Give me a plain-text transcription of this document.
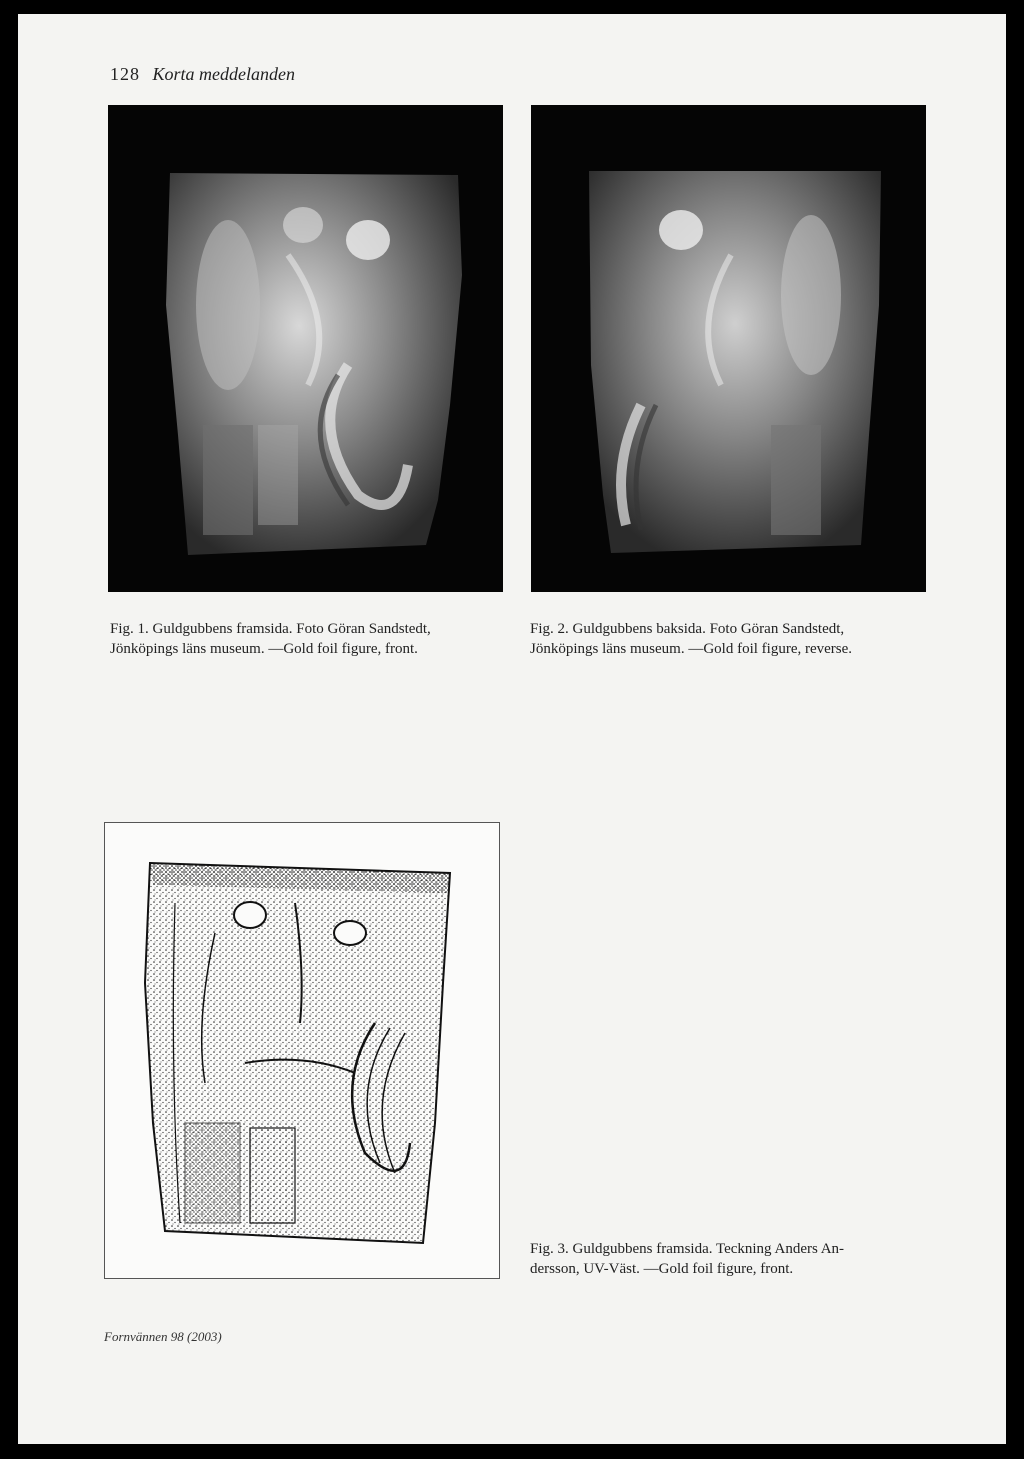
128 Korta meddelanden
Fig. 1. Guldgubbens framsida. Foto Göran Sandstedt,
Jönköpings läns museum. —Gold foil figure, front.
Fig. 2. Guldgubbens baksida. Foto Göran Sandstedt,
Jönköpings läns museum. —Gold foil figure, reverse.
Fig. 3. Guldgubbens framsida. Teckning Anders An-
dersson, UV-Väst. —Gold foil figure, front.
Fornvännen 98 (2003)
